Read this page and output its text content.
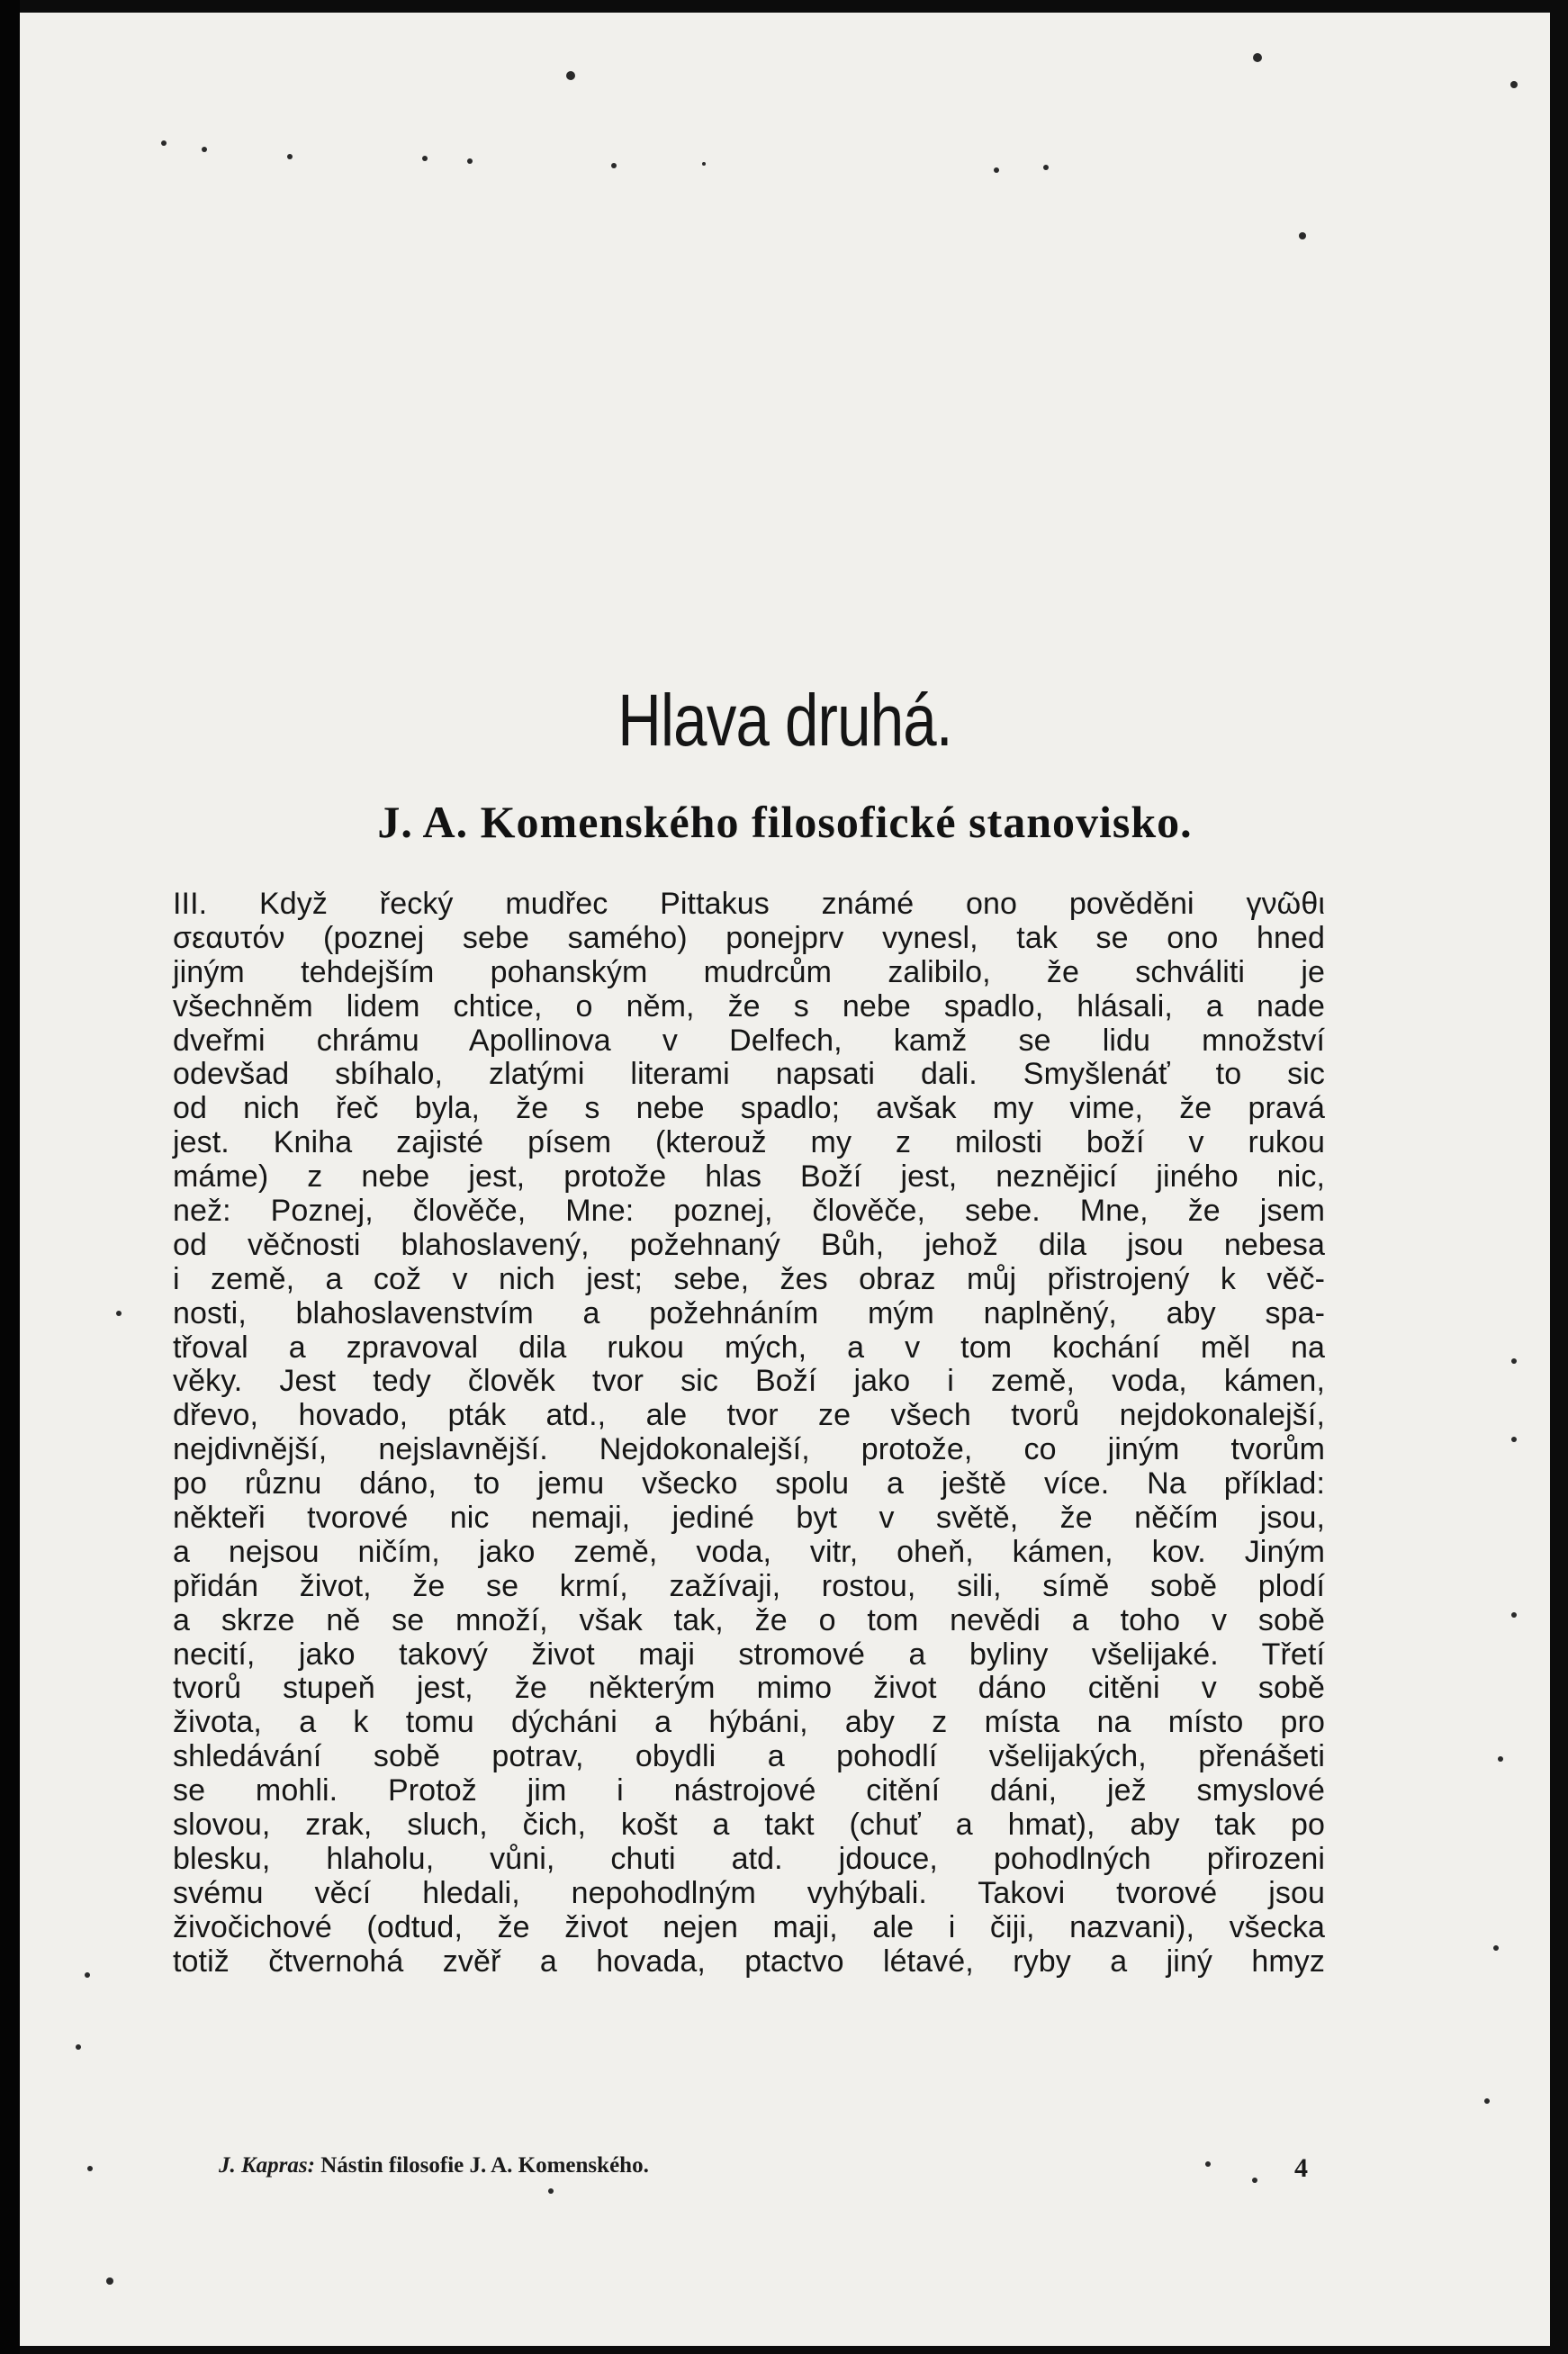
Hlava druhá.
J. A. Komenského filosofické stanovisko.
III. Když řecký mudřec Pittakus známé ono pověděni γνῶθι
σεαυτόν (poznej sebe samého) ponejprv vynesl, tak se ono hned
jiným tehdejším pohanským mudrcům zalibilo, že schváliti je
všechněm lidem chtice, o něm, že s nebe spadlo, hlásali, a nade
dveřmi chrámu Apollinova v Delfech, kamž se lidu množství
odevšad sbíhalo, zlatými literami napsati dali. Smyšlenáť to sic
od nich řeč byla, že s nebe spadlo; avšak my vime, že pravá
jest. Kniha zajisté písem (kterouž my z milosti boží v rukou
máme) z nebe jest, protože hlas Boží jest, neznějicí jiného nic,
než: Poznej, člověče, Mne: poznej, člověče, sebe. Mne, že jsem
od věčnosti blahoslavený, požehnaný Bůh, jehož dila jsou nebesa
i země, a což v nich jest; sebe, žes obraz můj přistrojený k věč-
nosti, blahoslavenstvím a požehnáním mým naplněný, aby spa-
třoval a zpravoval dila rukou mých, a v tom kochání měl na
věky. Jest tedy člověk tvor sic Boží jako i země, voda, kámen,
dřevo, hovado, pták atd., ale tvor ze všech tvorů nejdokonalejší,
nejdivnější, nejslavnější. Nejdokonalejší, protože, co jiným tvorům
po různu dáno, to jemu všecko spolu a ještě více. Na příklad:
někteři tvorové nic nemaji, jediné byt v světě, že něčím jsou,
a nejsou ničím, jako země, voda, vitr, oheň, kámen, kov. Jiným
přidán život, že se krmí, zažívaji, rostou, sili, símě sobě plodí
a skrze ně se množí, však tak, že o tom nevědi a toho v sobě
necití, jako takový život maji stromové a byliny všelijaké. Třetí
tvorů stupeň jest, že některým mimo život dáno citěni v sobě
života, a k tomu dýcháni a hýbáni, aby z místa na místo pro
shledávání sobě potrav, obydli a pohodlí všelijakých, přenášeti
se mohli. Protož jim i nástrojové citění dáni, jež smyslové
slovou, zrak, sluch, čich, košt a takt (chuť a hmat), aby tak po
blesku, hlaholu, vůni, chuti atd. jdouce, pohodlných přirozeni
svému věcí hledali, nepohodlným vyhýbali. Takovi tvorové jsou
živočichové (odtud, že život nejen maji, ale i čiji, nazvani), všecka
totiž čtvernohá zvěř a hovada, ptactvo létavé, ryby a jiný hmyz
J. Kapras: Nástin filosofie J. A. Komenského.	4
